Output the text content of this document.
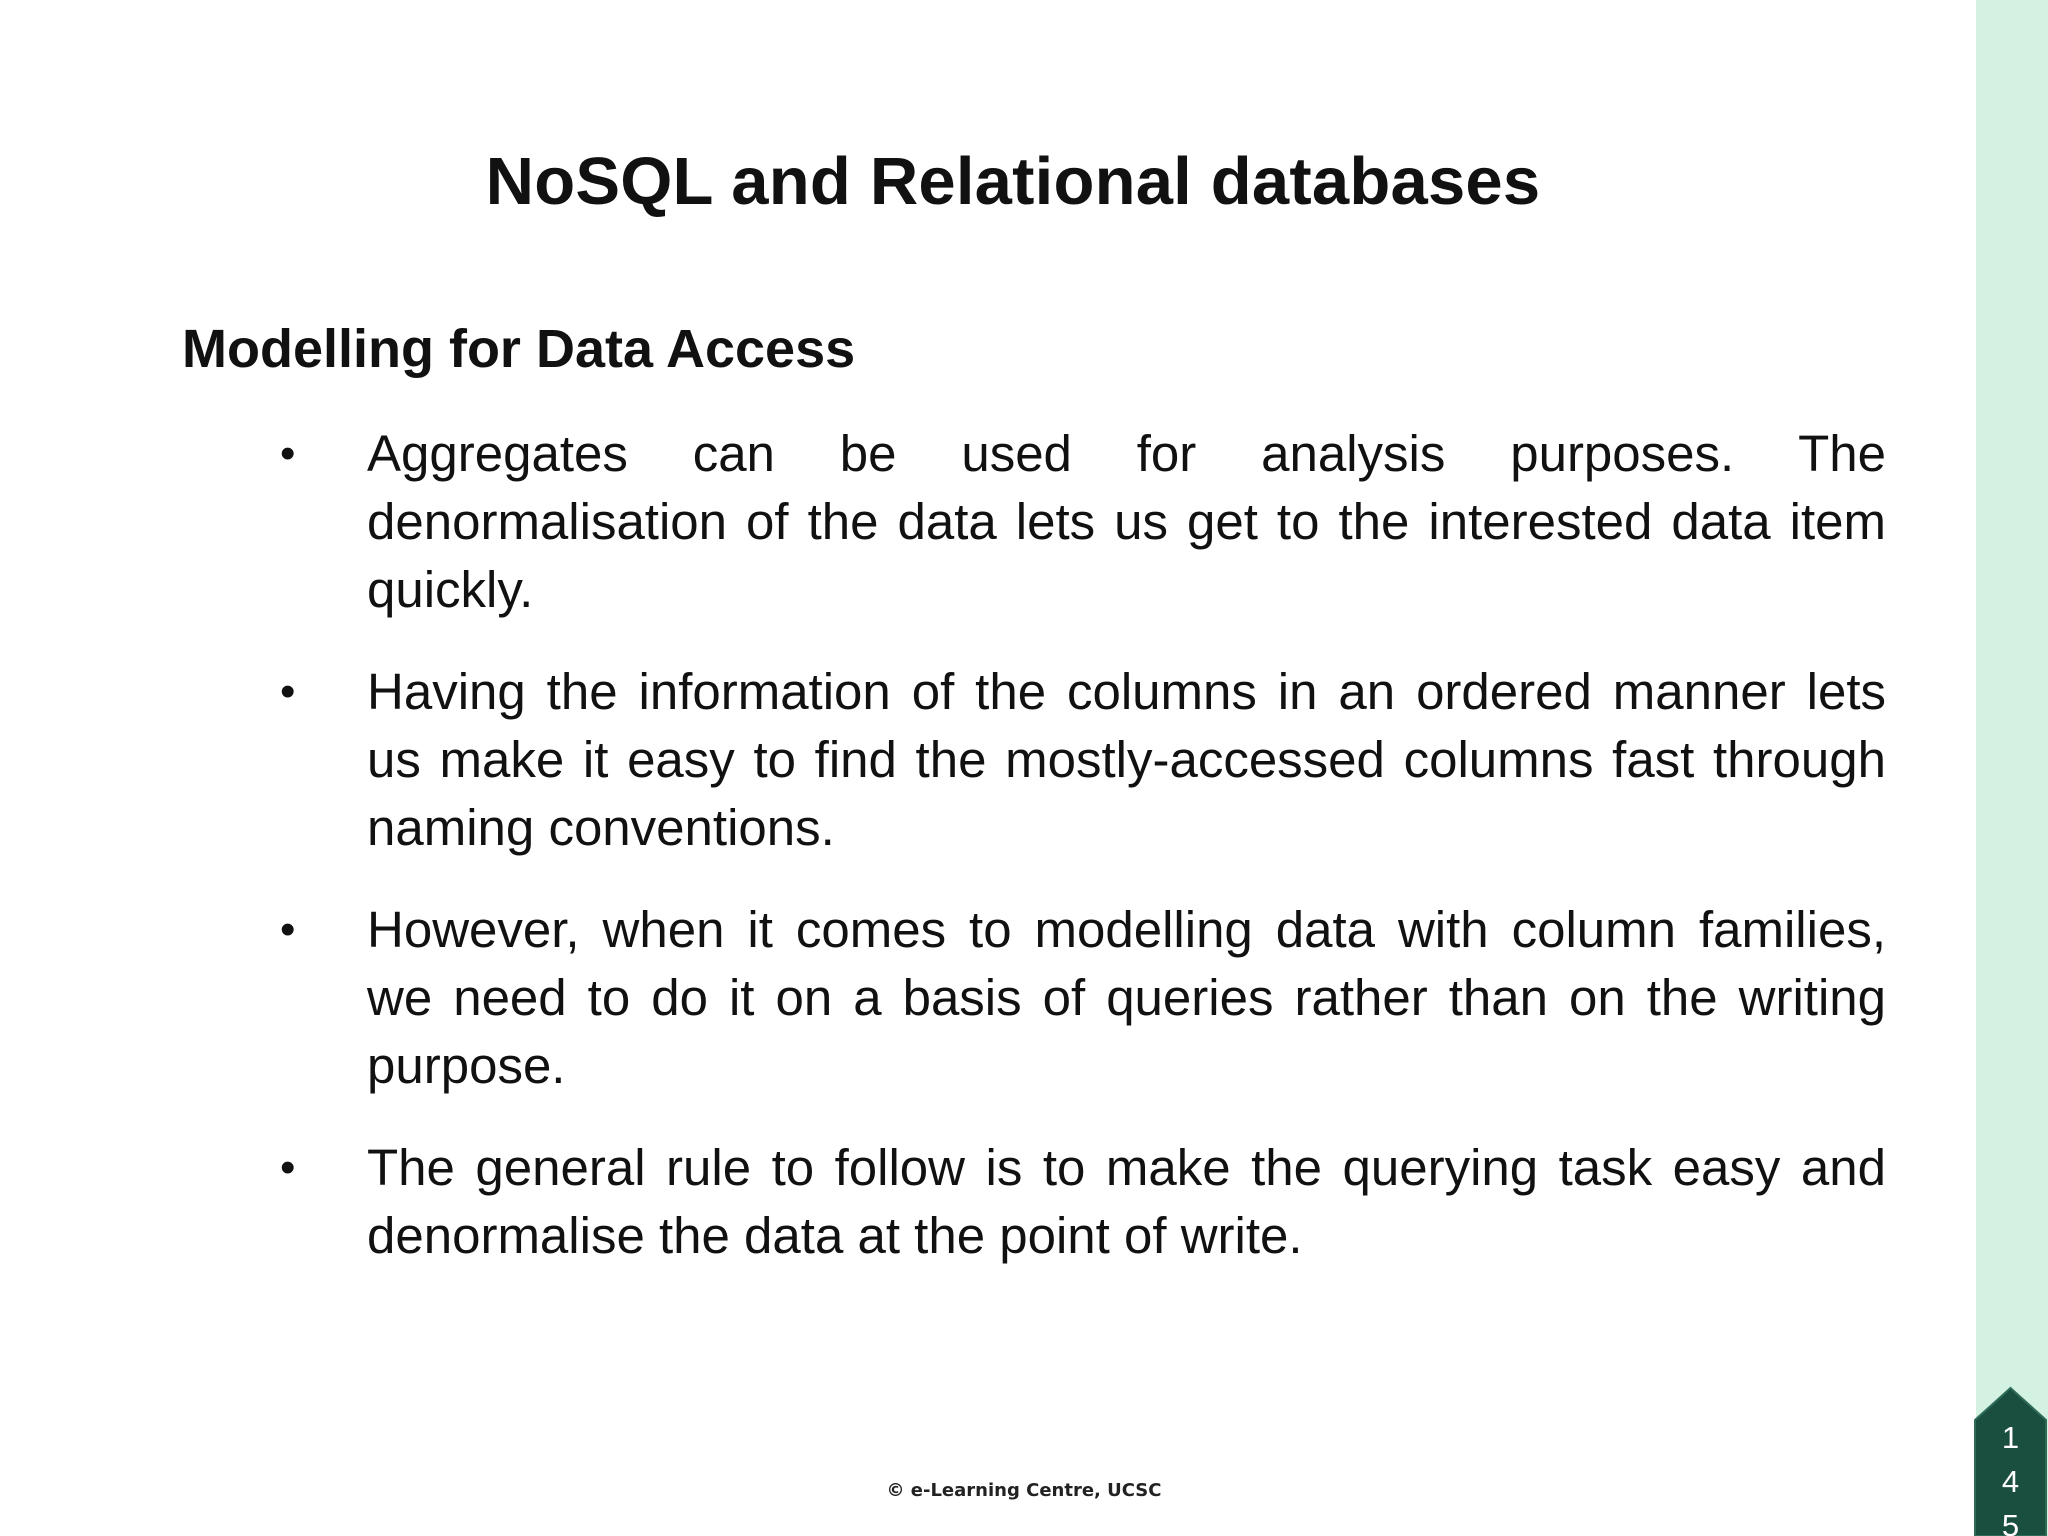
1
4
5
NoSQL and Relational databases
Modelling for Data Access
• Aggregates can be used for analysis purposes. The denormalisation of the data lets us get to the interested data item quickly.
• Having the information of the columns in an ordered manner lets us make it easy to find the mostly-accessed columns fast through naming conventions.
• However, when it comes to modelling data with column families, we need to do it on a basis of queries rather than on the writing purpose.
• The general rule to follow is to make the querying task easy and denormalise the data at the point of write.
© e-Learning Centre, UCSC
